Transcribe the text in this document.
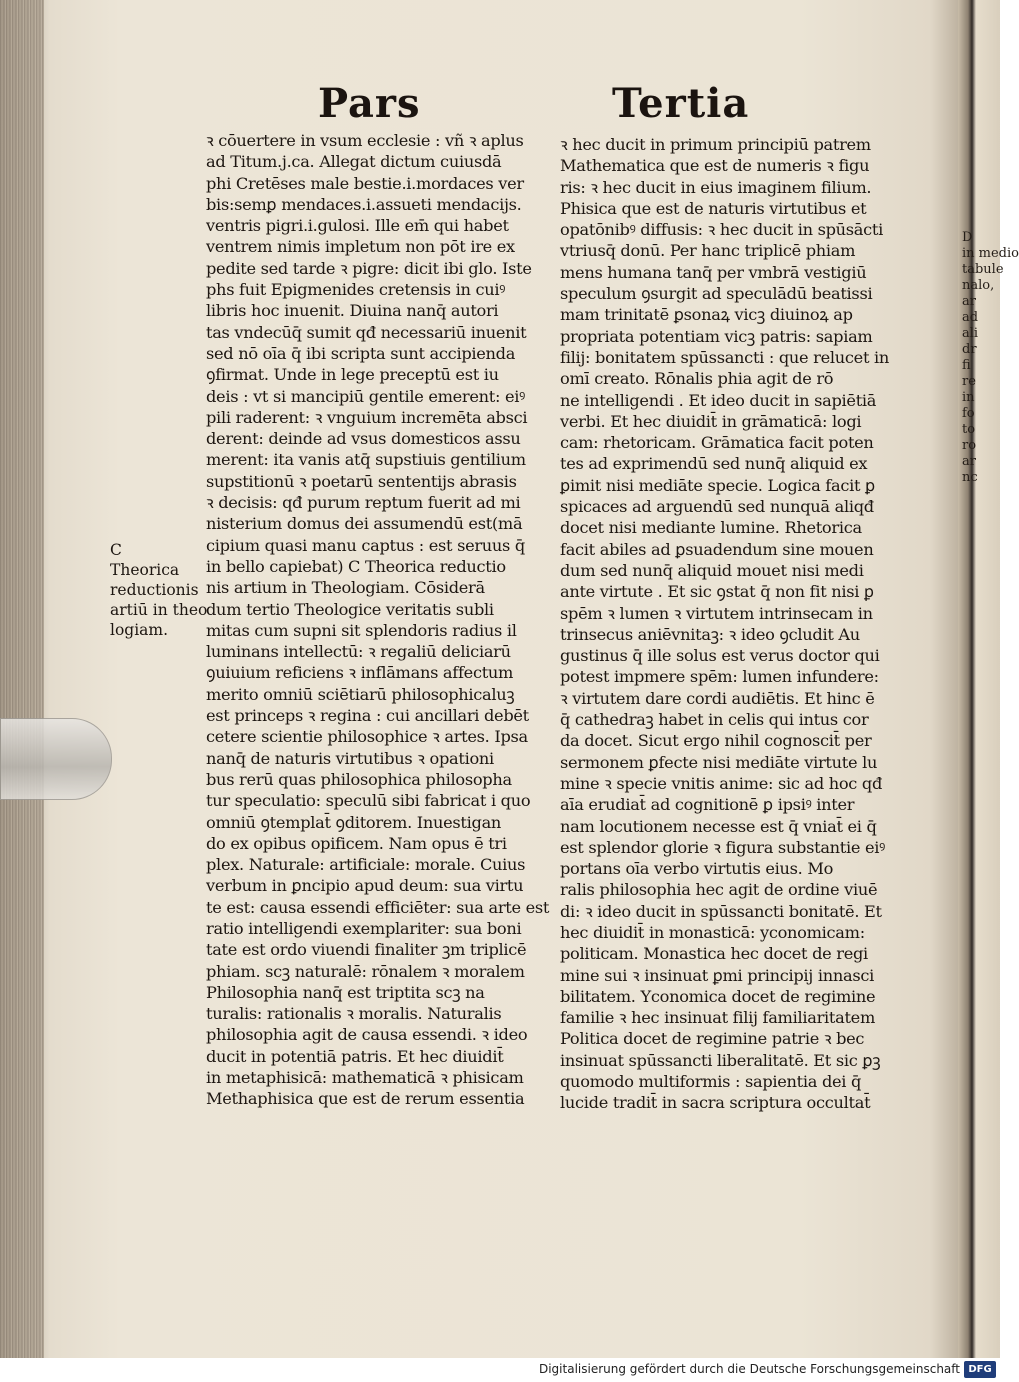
D
in medio
tabule
nalo,
ar
ad
ali
dr
fi
re
in
fo
to
ro
ar
nc
Pars	Tertia
C
Theorica
reductionis
artiū in theo
logiam.
ꝛ cōuertere in vsum ecclesie : vñ ꝛ aplus
ad Titum.j.ca. Allegat dictum cuiusdā
phi Cretēses male bestie.i.mordaces ver
bis:semꝑ mendaces.i.assueti mendacijs.
ventris pigri.i.gulosi. Ille em̄ qui habet
ventrem nimis impletum non pōt ire ex
pedite sed tarde ꝛ pigre: dicit ibi glo. Iste
phs fuit Epigmenides cretensis in cuiꝰ
libris hoc inuenit. Diuina nanq̄ autori
tas vndecūq̄ sumit qđ necessariū inuenit
sed nō oīa q̄ ibi scripta sunt accipienda
ꝯfirmat. Unde in lege preceptū est iu
deis : vt si mancipiū gentile emerent: eiꝰ
pili raderent: ꝛ vnguium incremēta absci
derent: deinde ad vsus domesticos assu
merent: ita vanis atq̄ supstiuis gentilium
supstitionū ꝛ poetarū sententijs abrasis
ꝛ decisis: qđ purum reptum fuerit ad mi
nisterium domus dei assumendū est(mā
cipium quasi manu captus : est seruus q̄
in bello capiebat) C Theorica reductio
nis artium in Theologiam. Cōsiderā
dum tertio Theologice veritatis subli
mitas cum supni sit splendoris radius il
luminans intellectū: ꝛ regaliū deliciarū
ꝯuiuium reficiens ꝛ inflāmans affectum
merito omniū sciētiarū philosophicaluꝫ
est princeps ꝛ regina : cui ancillari debēt
cetere scientie philosophice ꝛ artes. Ipsa
nanq̄ de naturis virtutibus ꝛ opationi
bus rerū quas philosophica philosopha
tur speculatio: speculū sibi fabricat i quo
omniū ꝯtemplat̄ ꝯditorem. Inuestigan
do ex opibus opificem. Nam opus ē tri
plex. Naturale: artificiale: morale. Cuius
verbum in ꝑncipio apud deum: sua virtu
te est: causa essendi efficiēter: sua arte est
ratio intelligendi exemplariter: sua boni
tate est ordo viuendi finaliter ꝫm triplicē
phiam. scꝫ naturalē: rōnalem ꝛ moralem
Philosophia nanq̄ est triptita scꝫ na
turalis: rationalis ꝛ moralis. Naturalis
philosophia agit de causa essendi. ꝛ ideo
ducit in potentiā patris. Et hec diuidit̄
in metaphisicā: mathematicā ꝛ phisicam
Methaphisica que est de rerum essentia
ꝛ hec ducit in primum principiū patrem
Mathematica que est de numeris ꝛ figu
ris: ꝛ hec ducit in eius imaginem filium.
Phisica que est de naturis virtutibus et
opatōnibꝰ diffusis: ꝛ hec ducit in spūsācti
vtriusq̄ donū. Per hanc triplicē phiam
mens humana tanq̄ per vmbrā vestigiū
speculum ꝯsurgit ad speculādū beatissi
mam trinitatē ꝑsonaꝝ vicꝫ diuinoꝝ ap
propriata potentiam vicꝫ patris: sapiam
filij: bonitatem spūssancti : que relucet in
omī creato. Rōnalis phia agit de rō
ne intelligendi . Et ideo ducit in sapiētiā
verbi. Et hec diuidit̄ in grāmaticā: logi
cam: rhetoricam. Grāmatica facit poten
tes ad exprimendū sed nunq̄ aliquid ex
ꝑimit nisi mediāte specie. Logica facit ꝑ
spicaces ad arguendū sed nunquā aliqđ
docet nisi mediante lumine. Rhetorica
facit abiles ad ꝑsuadendum sine mouen
dum sed nunq̄ aliquid mouet nisi medi
ante virtute . Et sic ꝯstat q̄ non fit nisi ꝑ
spēm ꝛ lumen ꝛ virtutem intrinsecam in
trinsecus aniēvnitaꝫ: ꝛ ideo ꝯcludit Au
gustinus q̄ ille solus est verus doctor qui
potest impmere spēm: lumen infundere:
ꝛ virtutem dare cordi audiētis. Et hinc ē
q̄ cathedraꝫ habet in celis qui intus cor
da docet. Sicut ergo nihil cognoscit̄ per
sermonem ꝑfecte nisi mediāte virtute lu
mine ꝛ specie vnitis anime: sic ad hoc qđ
aīa erudiat̄ ad cognitionē ꝑ ipsiꝰ inter
nam locutionem necesse est q̄ vniat̄ ei q̄
est splendor glorie ꝛ figura substantie eiꝰ
portans oīa verbo virtutis eius. Mo
ralis philosophia hec agit de ordine viuē
di: ꝛ ideo ducit in spūssancti bonitatē. Et
hec diuidit̄ in monasticā: yconomicam:
politicam. Monastica hec docet de regi
mine sui ꝛ insinuat ꝑmi principij innasci
bilitatem. Yconomica docet de regimine
familie ꝛ hec insinuat filij familiaritatem
Politica docet de regimine patrie ꝛ bec
insinuat spūssancti liberalitatē. Et sic ꝑꝫ
quomodo multiformis : sapientia dei q̄
lucide tradit̄ in sacra scriptura occultat̄
Digitalisierung gefördert durch die Deutsche Forschungsgemeinschaft DFG
